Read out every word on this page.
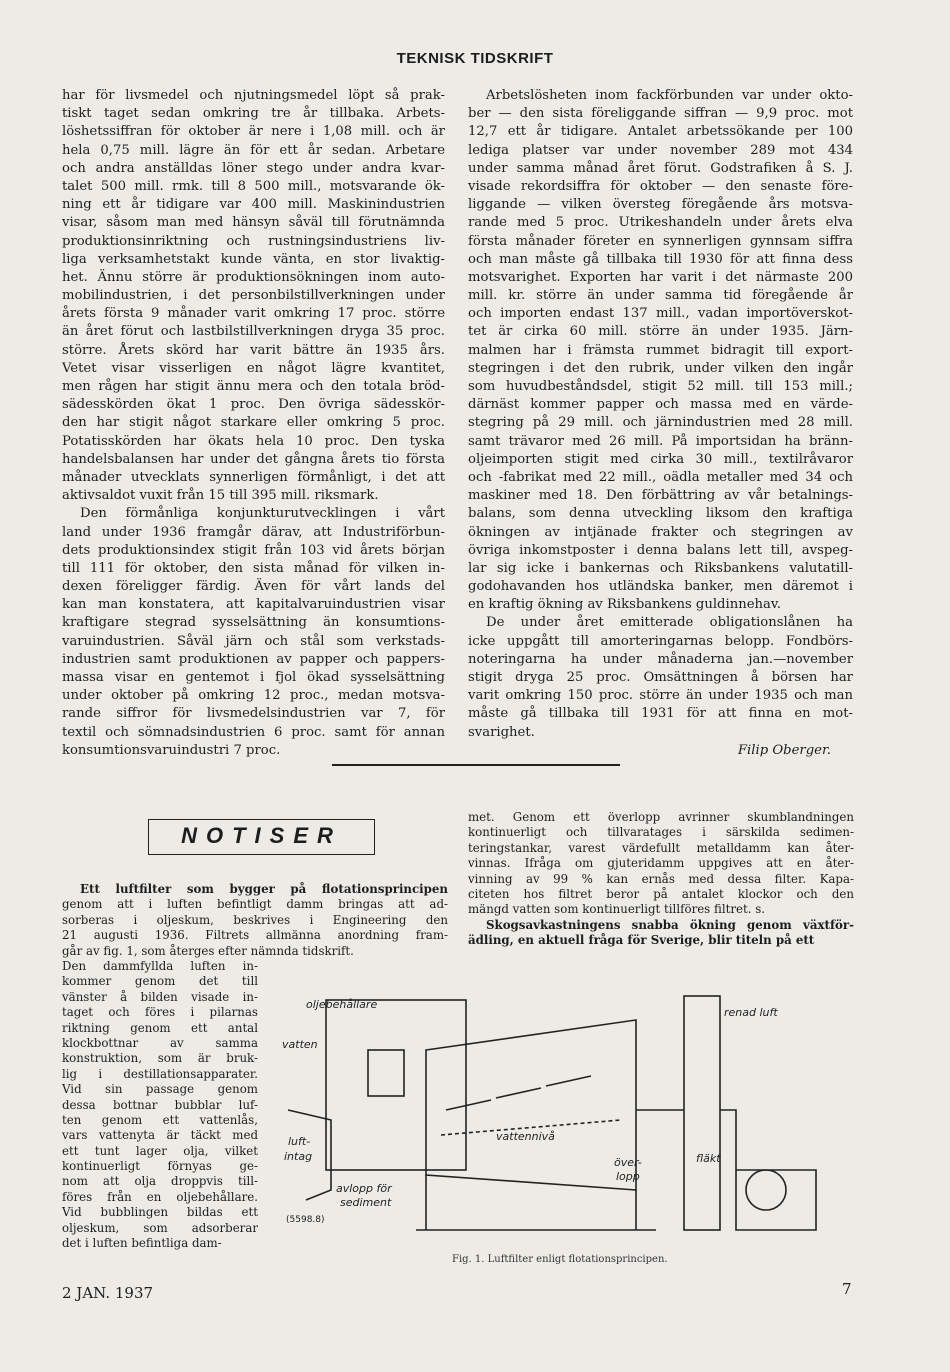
TEKNISK TIDSKRIFT
har för livsmedel och njutningsmedel löpt så prak-
tiskt taget sedan omkring tre år tillbaka. Arbets-
löshetssiffran för oktober är nere i 1,08 mill. och är
hela 0,75 mill. lägre än för ett år sedan. Arbetare
och andra anställdas löner stego under andra kvar-
talet 500 mill. rmk. till 8 500 mill., motsvarande ök-
ning ett år tidigare var 400 mill. Maskinindustrien
visar, såsom man med hänsyn såväl till förutnämnda
produktionsinriktning och rustningsindustriens liv-
liga verksamhetstakt kunde vänta, en stor livaktig-
het. Ännu större är produktionsökningen inom auto-
mobilindustrien, i det personbilstillverkningen under
årets första 9 månader varit omkring 17 proc. större
än året förut och lastbilstillverkningen dryga 35 proc.
större. Årets skörd har varit bättre än 1935 års.
Vetet visar visserligen en något lägre kvantitet,
men rågen har stigit ännu mera och den totala bröd-
sädesskörden ökat 1 proc. Den övriga sädesskör-
den har stigit något starkare eller omkring 5 proc.
Potatisskörden har ökats hela 10 proc. Den tyska
handelsbalansen har under det gångna årets tio första
månader utvecklats synnerligen förmånligt, i det att
aktivsaldot vuxit från 15 till 395 mill. riksmark.
Den förmånliga konjunkturutvecklingen i vårt
land under 1936 framgår därav, att Industriförbun-
dets produktionsindex stigit från 103 vid årets början
till 111 för oktober, den sista månad för vilken in-
dexen föreligger färdig. Även för vårt lands del
kan man konstatera, att kapitalvaruindustrien visar
kraftigare stegrad sysselsättning än konsumtions-
varuindustrien. Såväl järn och stål som verkstads-
industrien samt produktionen av papper och pappers-
massa visar en gentemot i fjol ökad sysselsättning
under oktober på omkring 12 proc., medan motsva-
rande siffror för livsmedelsindustrien var 7, för
textil och sömnadsindustrien 6 proc. samt för annan
konsumtionsvaruindustri 7 proc.
Arbetslösheten inom fackförbunden var under okto-
ber — den sista föreliggande siffran — 9,9 proc. mot
12,7 ett år tidigare. Antalet arbetssökande per 100
lediga platser var under november 289 mot 434
under samma månad året förut. Godstrafiken å S. J.
visade rekordsiffra för oktober — den senaste före-
liggande — vilken översteg föregående års motsva-
rande med 5 proc. Utrikeshandeln under årets elva
första månader företer en synnerligen gynnsam siffra
och man måste gå tillbaka till 1930 för att finna dess
motsvarighet. Exporten har varit i det närmaste 200
mill. kr. större än under samma tid föregående år
och importen endast 137 mill., vadan importöverskot-
tet är cirka 60 mill. större än under 1935. Järn-
malmen har i främsta rummet bidragit till export-
stegringen i det den rubrik, under vilken den ingår
som huvudbeståndsdel, stigit 52 mill. till 153 mill.;
därnäst kommer papper och massa med en värde-
stegring på 29 mill. och järnindustrien med 28 mill.
samt trävaror med 26 mill. På importsidan ha bränn-
oljeimporten stigit med cirka 30 mill., textilråvaror
och -fabrikat med 22 mill., oädla metaller med 34 och
maskiner med 18. Den förbättring av vår betalnings-
balans, som denna utveckling liksom den kraftiga
ökningen av intjänade frakter och stegringen av
övriga inkomstposter i denna balans lett till, avspeg-
lar sig icke i bankernas och Riksbankens valutatill-
godohavanden hos utländska banker, men däremot i
en kraftig ökning av Riksbankens guldinnehav.
De under året emitterade obligationslånen ha
icke uppgått till amorteringarnas belopp. Fondbörs-
noteringarna ha under månaderna jan.—november
stigit dryga 25 proc. Omsättningen å börsen har
varit omkring 150 proc. större än under 1935 och man
måste gå tillbaka till 1931 för att finna en mot-
svarighet.
Filip Oberger.
NOTISER
Ett luftfilter som bygger på flotationsprincipen
genom att i luften befintligt damm bringas att ad-
sorberas i oljeskum, beskrives i Engineering den
21 augusti 1936. Filtrets allmänna anordning fram-
går av fig. 1, som återges efter nämnda tidskrift.
Den dammfyllda luften in-
kommer genom det till
vänster å bilden visade in-
taget och föres i pilarnas
riktning genom ett antal
klockbottnar av samma
konstruktion, som är bruk-
lig i destillationsapparater.
Vid sin passage genom
dessa bottnar bubblar luf-
ten genom ett vattenlås,
vars vattenyta är täckt med
ett tunt lager olja, vilket
kontinuerligt förnyas ge-
nom att olja droppvis till-
föres från en oljebehållare.
Vid bubblingen bildas ett
oljeskum, som adsorberar
det i luften befintliga dam-
met. Genom ett överlopp avrinner skumblandningen
kontinuerligt och tillvaratages i särskilda sedimen-
teringstankar, varest värdefullt metalldamm kan åter-
vinnas. Ifråga om gjuteridamm uppgives att en åter-
vinning av 99 % kan ernås med dessa filter. Kapa-
citeten hos filtret beror på antalet klockor och den
mängd vatten som kontinuerligt tillföres filtret. s.
Skogsavkastningens snabba ökning genom växtför-
ädling, en aktuell fråga för Sverige, blir titeln på ett
oljebehållare
vatten
renad luft
vattennivå
luft-
intag	över-
lopp
fläkt
avlopp för
sediment
(5598.8)
Fig. 1. Luftfilter enligt flotationsprincipen.
2 JAN. 1937	7
